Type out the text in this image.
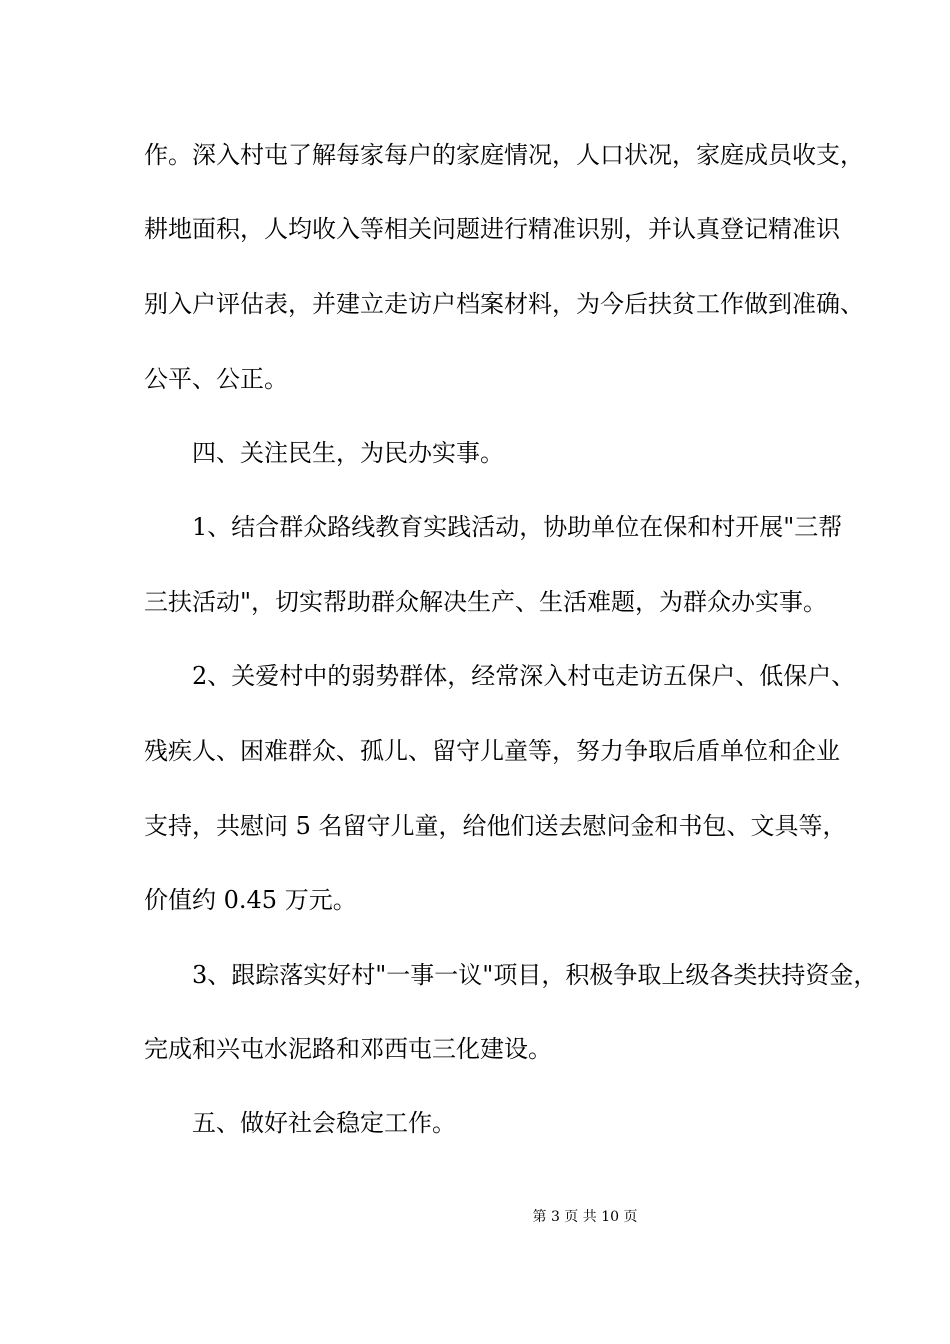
作。深入村屯了解每家每户的家庭情况，人口状况，家庭成员收支，
耕地面积，人均收入等相关问题进行精准识别，并认真登记精准识
别入户评估表，并建立走访户档案材料，为今后扶贫工作做到准确、
公平、公正。
四、关注民生，为民办实事。
1、结合群众路线教育实践活动，协助单位在保和村开展"三帮
三扶活动"，切实帮助群众解决生产、生活难题，为群众办实事。
2、关爱村中的弱势群体，经常深入村屯走访五保户、低保户、
残疾人、困难群众、孤儿、留守儿童等，努力争取后盾单位和企业
支持，共慰问 5 名留守儿童，给他们送去慰问金和书包、文具等，
价值约 0.45 万元。
3、跟踪落实好村"一事一议"项目，积极争取上级各类扶持资金，
完成和兴屯水泥路和邓西屯三化建设。
五、做好社会稳定工作。
第 3 页 共 10 页
